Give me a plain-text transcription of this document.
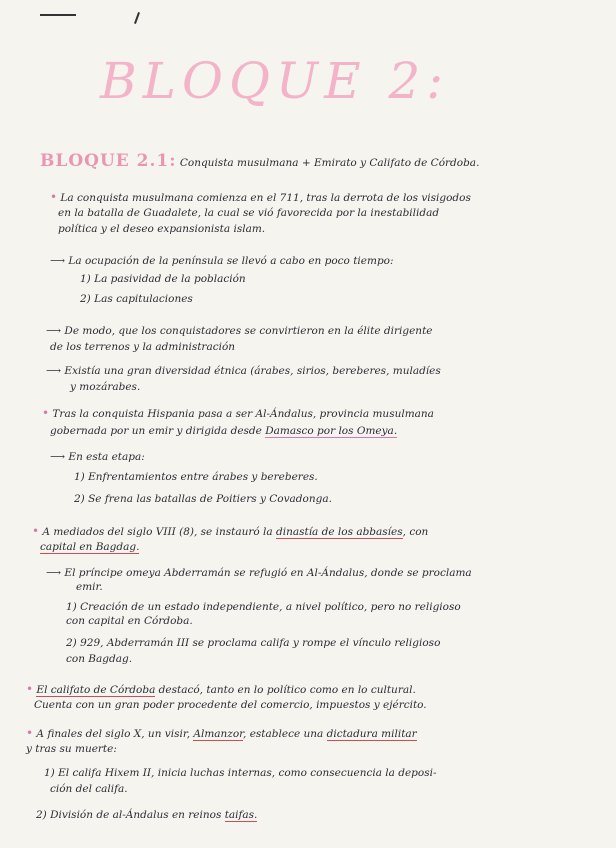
BLOQUE 2:
BLOQUE 2.1: Conquista musulmana + Emirato y Califato de Córdoba.
• La conquista musulmana comienza en el 711, tras la derrota de los visigodos
en la batalla de Guadalete, la cual se vió favorecida por la inestabilidad
política y el deseo expansionista islam.
⟶ La ocupación de la península se llevó a cabo en poco tiempo:
1) La pasividad de la población
2) Las capitulaciones
⟶ De modo, que los conquistadores se convirtieron en la élite dirigente
de los terrenos y la administración
⟶ Existía una gran diversidad étnica (árabes, sirios, bereberes, muladíes
y mozárabes.
• Tras la conquista Hispania pasa a ser Al-Ándalus, provincia musulmana
gobernada por un emir y dirigida desde Damasco por los Omeya.
⟶ En esta etapa:
1) Enfrentamientos entre árabes y bereberes.
2) Se frena las batallas de Poitiers y Covadonga.
• A mediados del siglo VIII (8), se instauró la dinastía de los abbasíes, con
capital en Bagdag.
⟶ El príncipe omeya Abderramán se refugió en Al-Ándalus, donde se proclama
emir.
1) Creación de un estado independiente, a nivel político, pero no religioso
con capital en Córdoba.
2) 929, Abderramán III se proclama califa y rompe el vínculo religioso
con Bagdag.
• El califato de Córdoba destacó, tanto en lo político como en lo cultural.
Cuenta con un gran poder procedente del comercio, impuestos y ejército.
• A finales del siglo X, un visir, Almanzor, establece una dictadura militar
y tras su muerte:
1) El califa Hixem II, inicia luchas internas, como consecuencia la deposi-
ción del califa.
2) División de al-Ándalus en reinos taifas.
